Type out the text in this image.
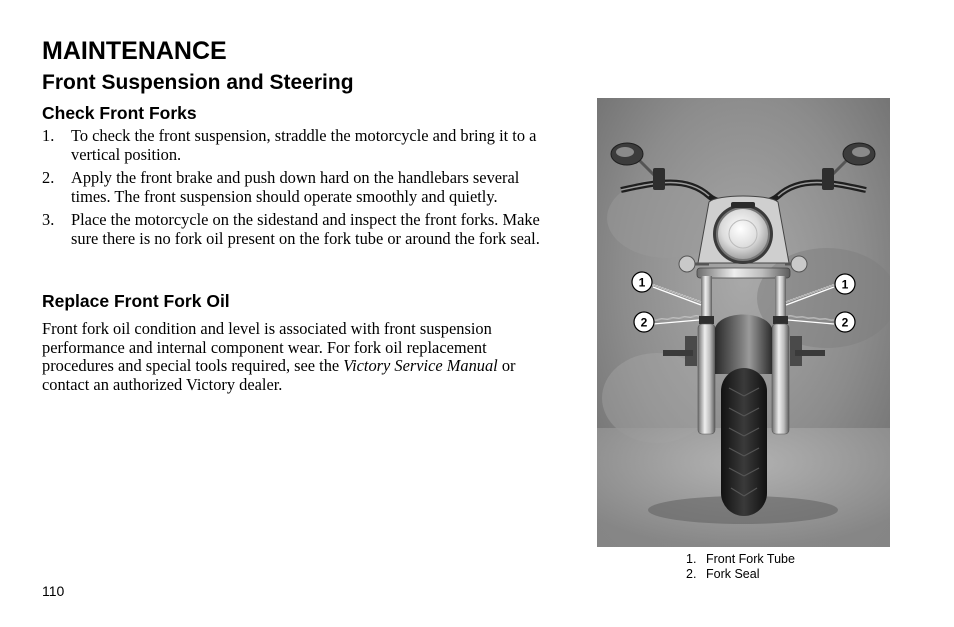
MAINTENANCE
Front Suspension and Steering
Check Front Forks
1. To check the front suspension, straddle the motorcycle and bring it to a vertical position.
2. Apply the front brake and push down hard on the handlebars several times. The front suspension should operate smoothly and quietly.
3. Place the motorcycle on the sidestand and inspect the front forks. Make sure there is no fork oil present on the fork tube or around the fork seal.
Replace Front Fork Oil

Front fork oil condition and level is associated with front suspension performance and internal component wear. For fork oil replacement procedures and special tools required, see the Victory Service Manual or contact an authorized Victory dealer.

1	1
2	2
1. Front Fork Tube
2. Fork Seal
110
